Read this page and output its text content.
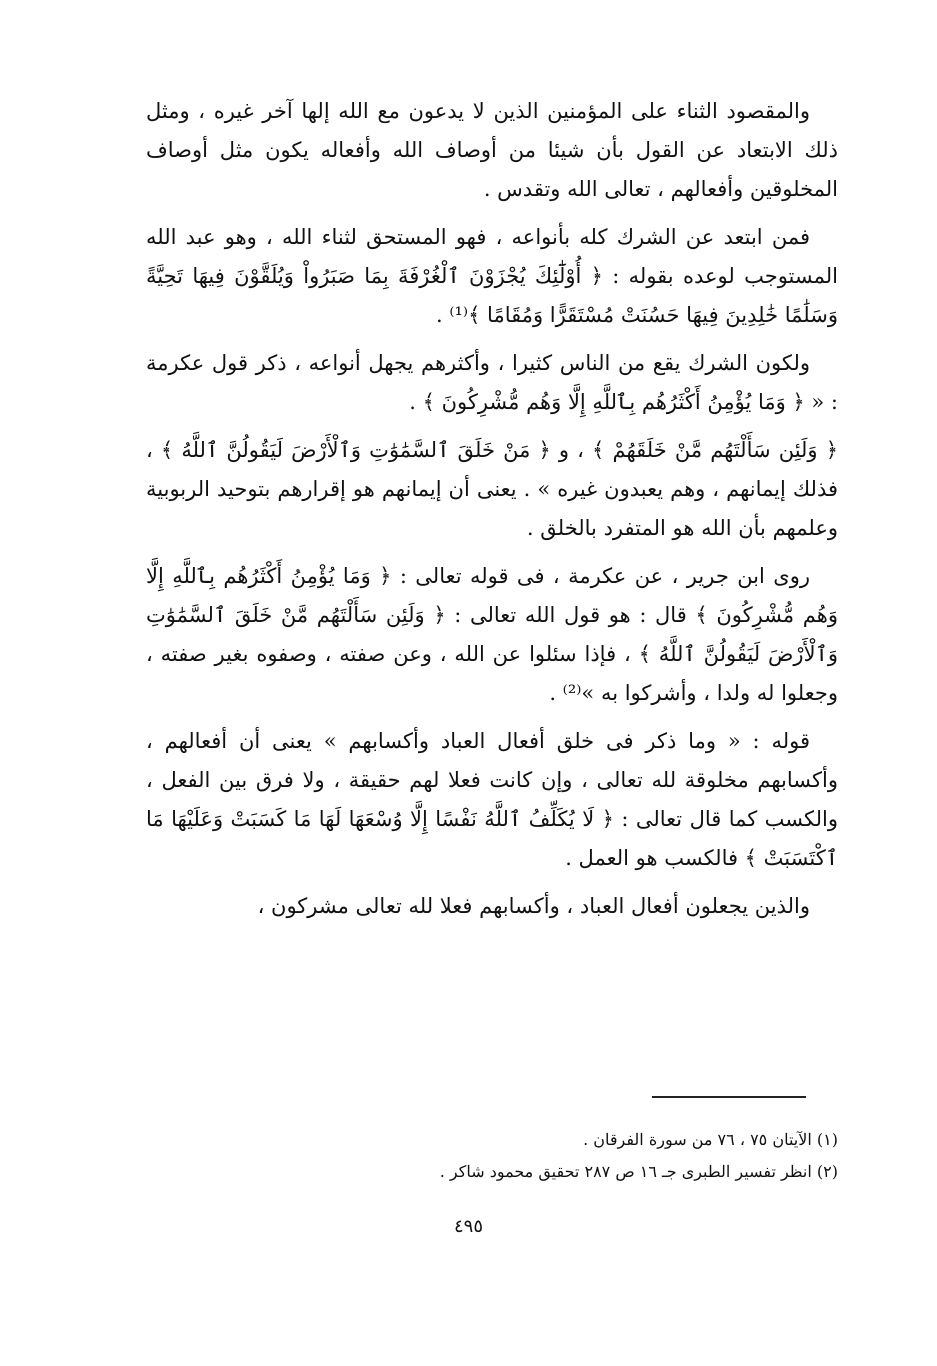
والمقصود الثناء على المؤمنين الذين لا يدعون مع الله إلها آخر غيره ، ومثل ذلك الابتعاد عن القول بأن شيئا من أوصاف الله وأفعاله يكون مثل أوصاف المخلوقين وأفعالهم ، تعالى الله وتقدس .

فمن ابتعد عن الشرك كله بأنواعه ، فهو المستحق لثناء الله ، وهو عبد الله المستوجب لوعده بقوله : ﴿ أُوْلَٰٓئِكَ يُجْزَوْنَ ٱلْغُرْفَةَ بِمَا صَبَرُواْ وَيُلَقَّوْنَ فِيهَا تَحِيَّةً وَسَلَٰمًا خَٰلِدِينَ فِيهَا حَسُنَتْ مُسْتَقَرًّا وَمُقَامًا ﴾⁽¹⁾ .

ولكون الشرك يقع من الناس كثيرا ، وأكثرهم يجهل أنواعه ، ذكر قول عكرمة : « ﴿ وَمَا يُؤْمِنُ أَكْثَرُهُم بِٱللَّهِ إِلَّا وَهُم مُّشْرِكُونَ ﴾ .

﴿ وَلَئِن سَأَلْتَهُم مَّنْ خَلَقَهُمْ ﴾ ، و ﴿ مَنْ خَلَقَ ٱلسَّمَٰوَٰتِ وَٱلْأَرْضَ لَيَقُولُنَّ ٱللَّهُ ﴾ ، فذلك إيمانهم ، وهم يعبدون غيره » . يعنى أن إيمانهم هو إقرارهم بتوحيد الربوبية وعلمهم بأن الله هو المتفرد بالخلق .

روى ابن جرير ، عن عكرمة ، فى قوله تعالى : ﴿ وَمَا يُؤْمِنُ أَكْثَرُهُم بِٱللَّهِ إِلَّا وَهُم مُّشْرِكُونَ ﴾ قال : هو قول الله تعالى : ﴿ وَلَئِن سَأَلْتَهُم مَّنْ خَلَقَ ٱلسَّمَٰوَٰتِ وَٱلْأَرْضَ لَيَقُولُنَّ ٱللَّهُ ﴾ ، فإذا سئلوا عن الله ، وعن صفته ، وصفوه بغير صفته ، وجعلوا له ولدا ، وأشركوا به »⁽²⁾ .

قوله : « وما ذكر فى خلق أفعال العباد وأكسابهم » يعنى أن أفعالهم ، وأكسابهم مخلوقة لله تعالى ، وإن كانت فعلا لهم حقيقة ، ولا فرق بين الفعل ، والكسب كما قال تعالى : ﴿ لَا يُكَلِّفُ ٱللَّهُ نَفْسًا إِلَّا وُسْعَهَا لَهَا مَا كَسَبَتْ وَعَلَيْهَا مَا ٱكْتَسَبَتْ ﴾ فالكسب هو العمل .

والذين يجعلون أفعال العباد ، وأكسابهم فعلا لله تعالى مشركون ،

(١) الآيتان ٧٥ ، ٧٦ من سورة الفرقان .

(٢) انظر تفسير الطبرى جـ ١٦ ص ٢٨٧ تحقيق محمود شاكر .

٤٩٥
